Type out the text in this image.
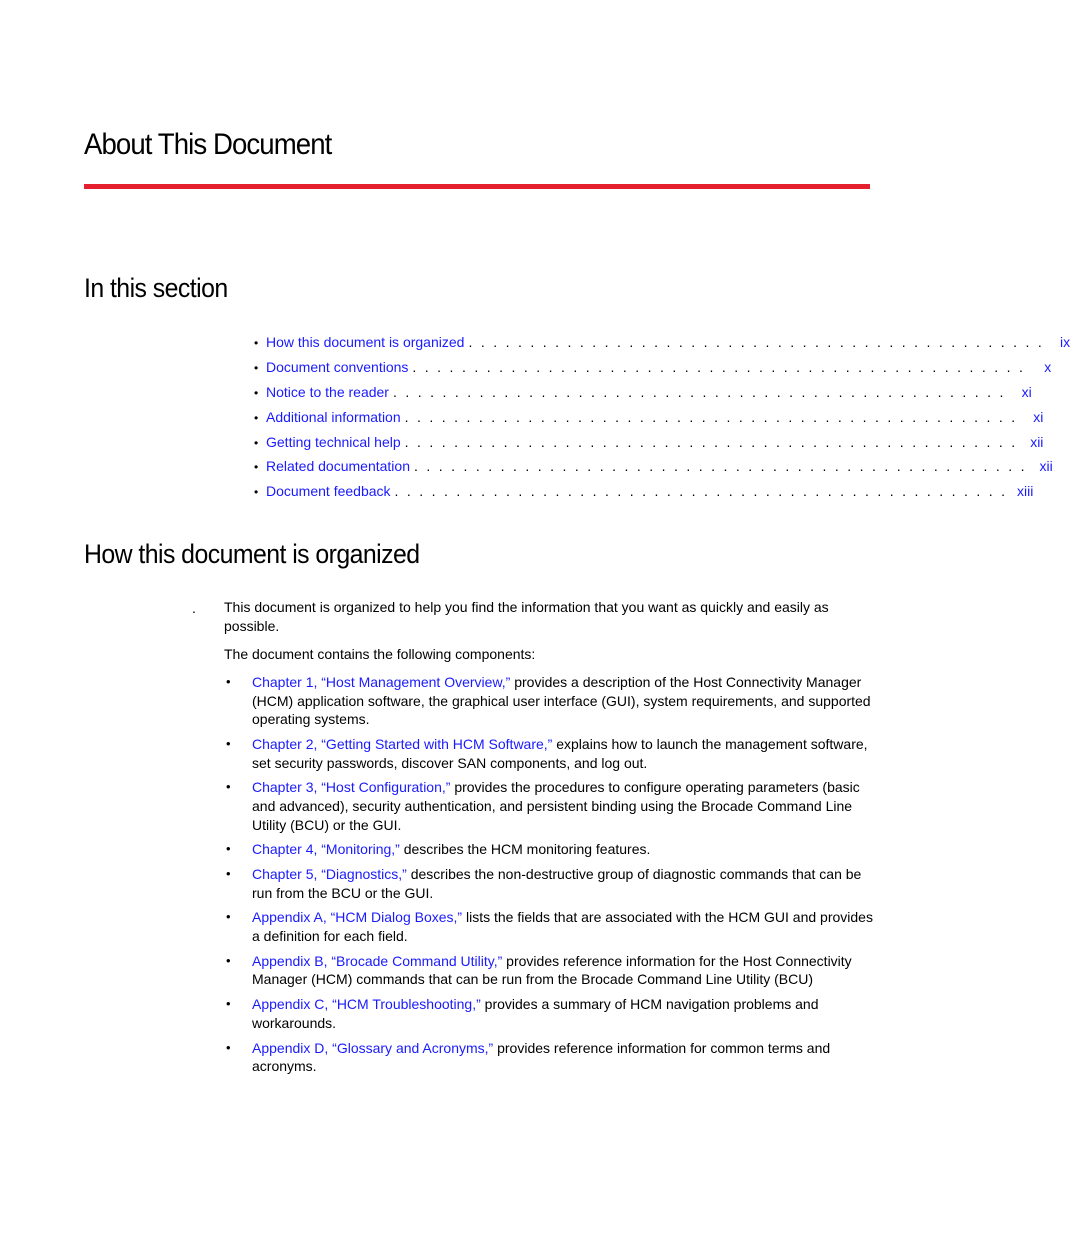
About This Document
In this section
• How this document is organized . . . . . . . . . . . . . . . . . . . . . . . . . . . . . . . . . . . . . . . . . . . . . . .	ix
• Document conventions . . . . . . . . . . . . . . . . . . . . . . . . . . . . . . . . . . . . . . . . . . . . . . . . . .	x
• Notice to the reader . . . . . . . . . . . . . . . . . . . . . . . . . . . . . . . . . . . . . . . . . . . . . . . . . .	xi
• Additional information . . . . . . . . . . . . . . . . . . . . . . . . . . . . . . . . . . . . . . . . . . . . . . . . . .	xi
• Getting technical help . . . . . . . . . . . . . . . . . . . . . . . . . . . . . . . . . . . . . . . . . . . . . . . . . . xii
• Related documentation . . . . . . . . . . . . . . . . . . . . . . . . . . . . . . . . . . . . . . . . . . . . . . . . . . xii
• Document feedback . . . . . . . . . . . . . . . . . . . . . . . . . . . . . . . . . . . . . . . . . . . . . . . . . . xiii
How this document is organized
. This document is organized to help you find the information that you want as quickly and easily as possible.

The document contains the following components:

• Chapter 1, “Host Management Overview,” provides a description of the Host Connectivity Manager (HCM) application software, the graphical user interface (GUI), system requirements, and supported operating systems.
• Chapter 2, “Getting Started with HCM Software,” explains how to launch the management software, set security passwords, discover SAN components, and log out.
• Chapter 3, “Host Configuration,” provides the procedures to configure operating parameters (basic and advanced), security authentication, and persistent binding using the Brocade Command Line Utility (BCU) or the GUI.
• Chapter 4, “Monitoring,” describes the HCM monitoring features.
• Chapter 5, “Diagnostics,” describes the non-destructive group of diagnostic commands that can be run from the BCU or the GUI.
• Appendix A, “HCM Dialog Boxes,” lists the fields that are associated with the HCM GUI and provides a definition for each field.
• Appendix B, “Brocade Command Utility,” provides reference information for the Host Connectivity Manager (HCM) commands that can be run from the Brocade Command Line Utility (BCU)
• Appendix C, “HCM Troubleshooting,” provides a summary of HCM navigation problems and workarounds.
• Appendix D, “Glossary and Acronyms,” provides reference information for common terms and acronyms.
